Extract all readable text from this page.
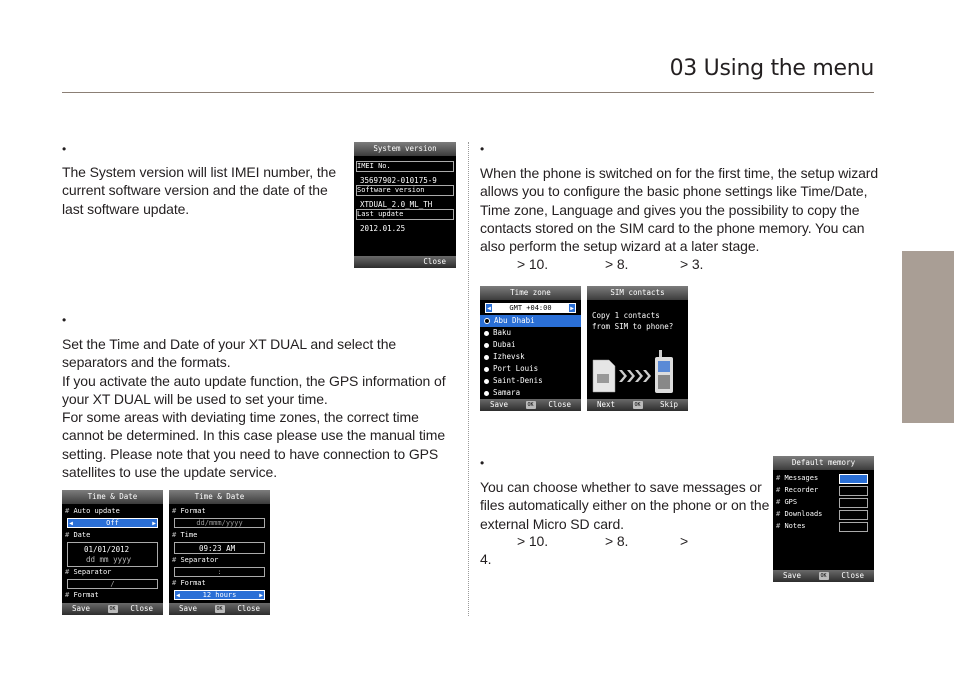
03 Using the menu
•
The System version will list IMEI number, the
current software version and the date of the
last software update.
System version
IMEI No.
35697902-010175-9
Software version
XTDUAL_2.0_ML_TH
Last update
2012.01.25
Close
•
Set the Time and Date of your XT DUAL and select the
separators and the formats.
If you activate the auto update function, the GPS information of
your XT DUAL will be used to set your time.
For some areas with deviating time zones, the correct time
cannot be determined. In this case please use the manual time
setting. Please note that you need to have connection to GPS
satellites to use the update service.
Time & Date
# Auto update
◀	Off	▶
# Date
01/01/2012
dd mm yyyy
# Separator
/
# Format
Save	OK Close
Time & Date
# Format
dd/mmm/yyyy
# Time
09:23 AM
# Separator
:
# Format
◀	12 hours	▶
Save	OK Close
•
When the phone is switched on for the first time, the setup wizard
allows you to configure the basic phone settings like Time/Date,
Time zone, Language and gives you the possibility to copy the
contacts stored on the SIM card to the phone memory. You can
also perform the setup wizard at a later stage.
> 10.	> 8.	> 3.
Time zone
◀	GMT +04:00	▶
Abu Dhabi
Baku
Dubai
Izhevsk
Port Louis
Saint-Denis
Samara
Save	OK Close
SIM contacts
Copy 1 contacts
from SIM to phone?
Next	OK	Skip
•
You can choose whether to save messages or
files automatically either on the phone or on the
external Micro SD card.
> 10.	> 8.	>
4.
Default memory
# Messages
# Recorder
# GPS
# Downloads
# Notes
Save	OK Close
